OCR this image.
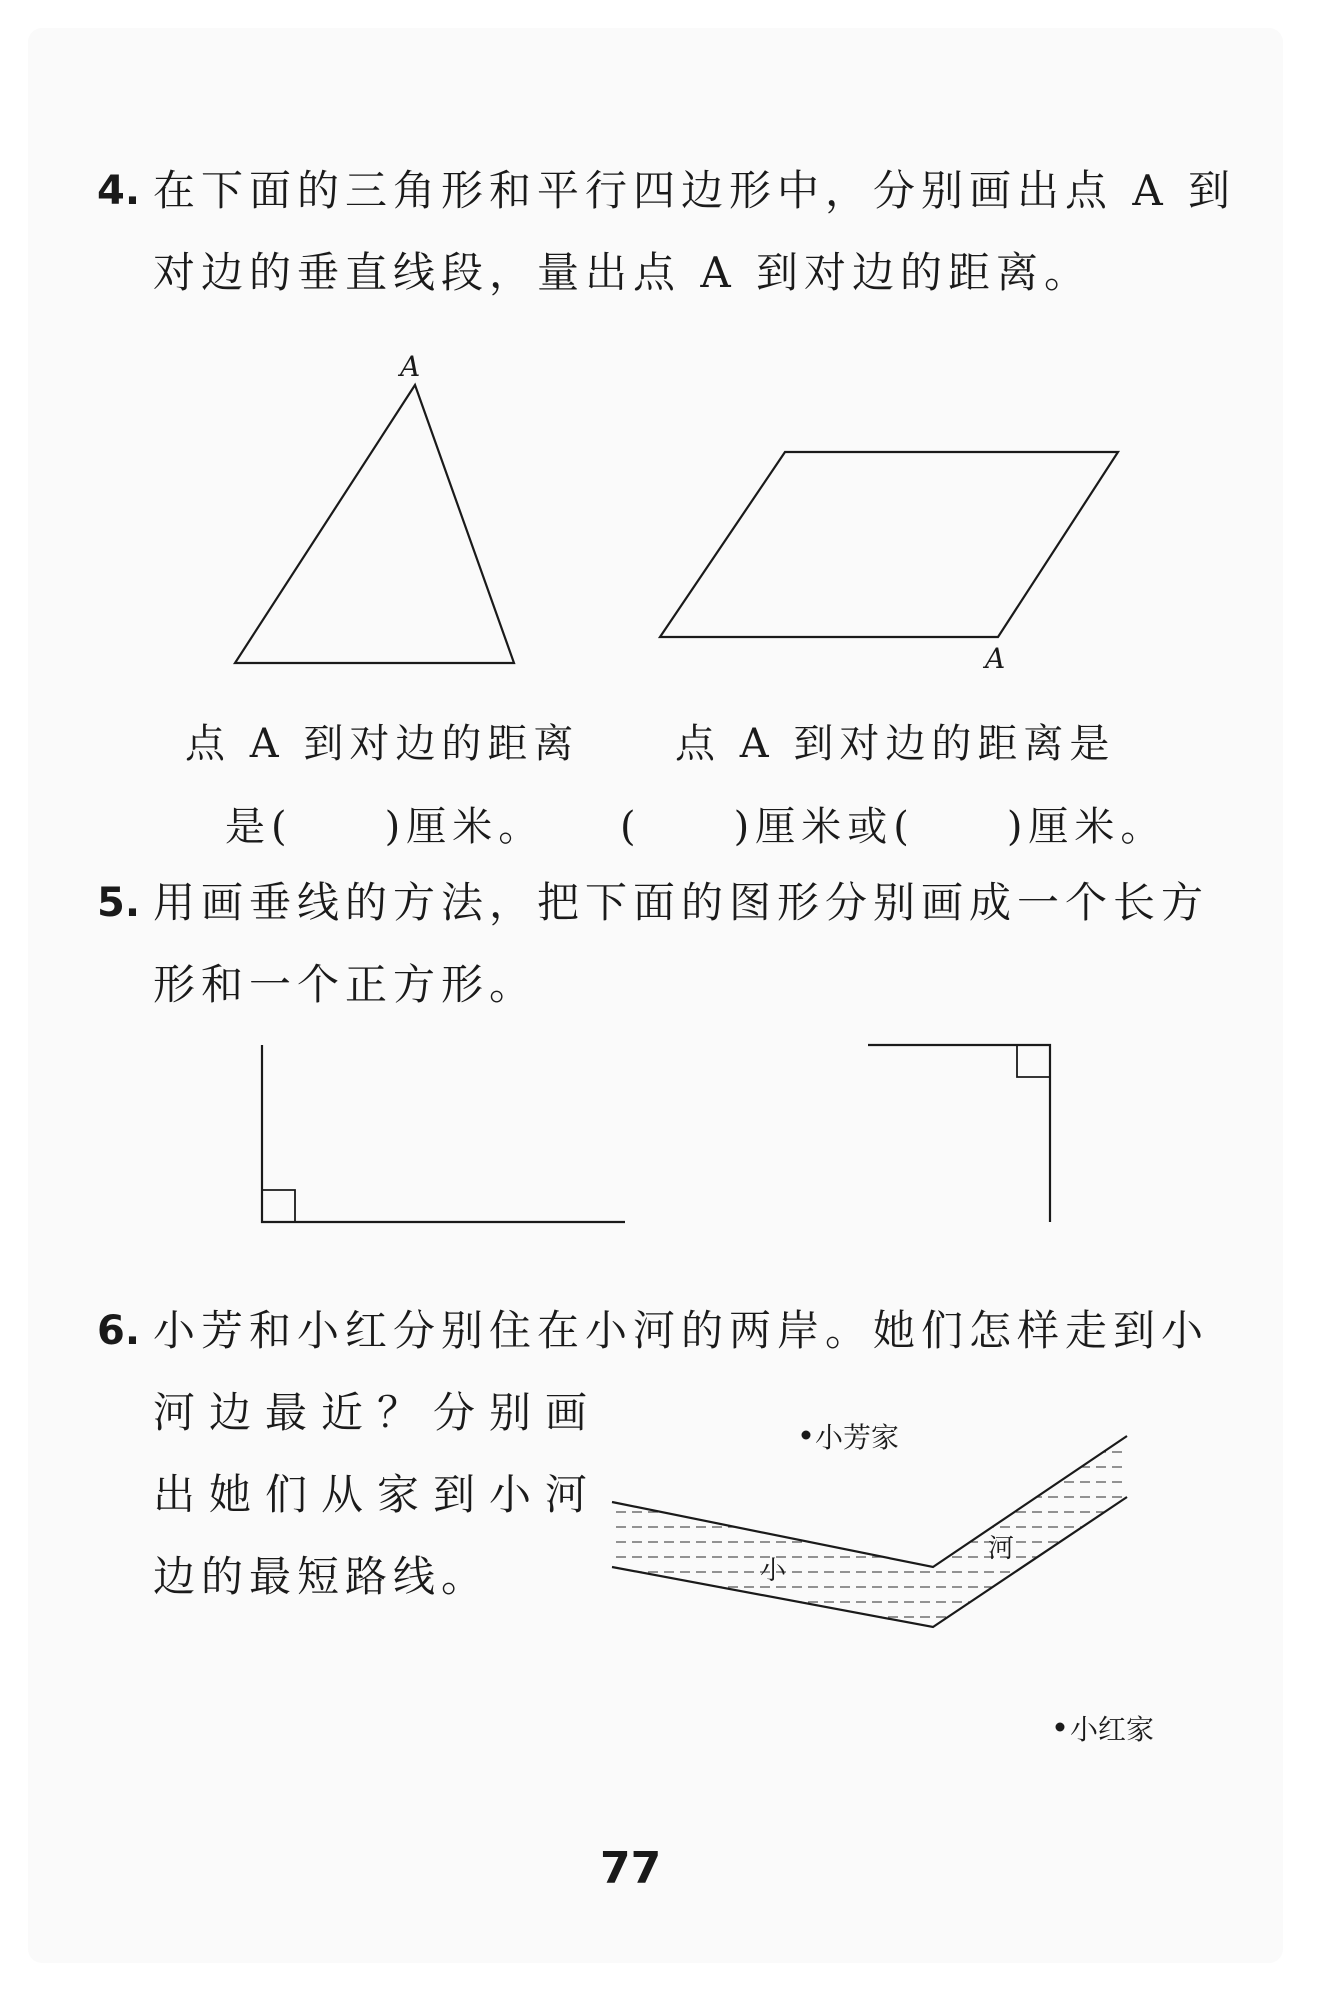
4. 在下面的三角形和平行四边形中，分别画出点 A 到
对边的垂直线段，量出点 A 到对边的距离。
A
A
点 A 到对边的距离
是(　　)厘米。
点 A 到对边的距离是
(　　)厘米或(　　)厘米。
5. 用画垂线的方法，把下面的图形分别画成一个长方
形和一个正方形。
6. 小芳和小红分别住在小河的两岸。她们怎样走到小
河边最近？分别画
出她们从家到小河
边的最短路线。
小芳家
小红家
小
河
77
